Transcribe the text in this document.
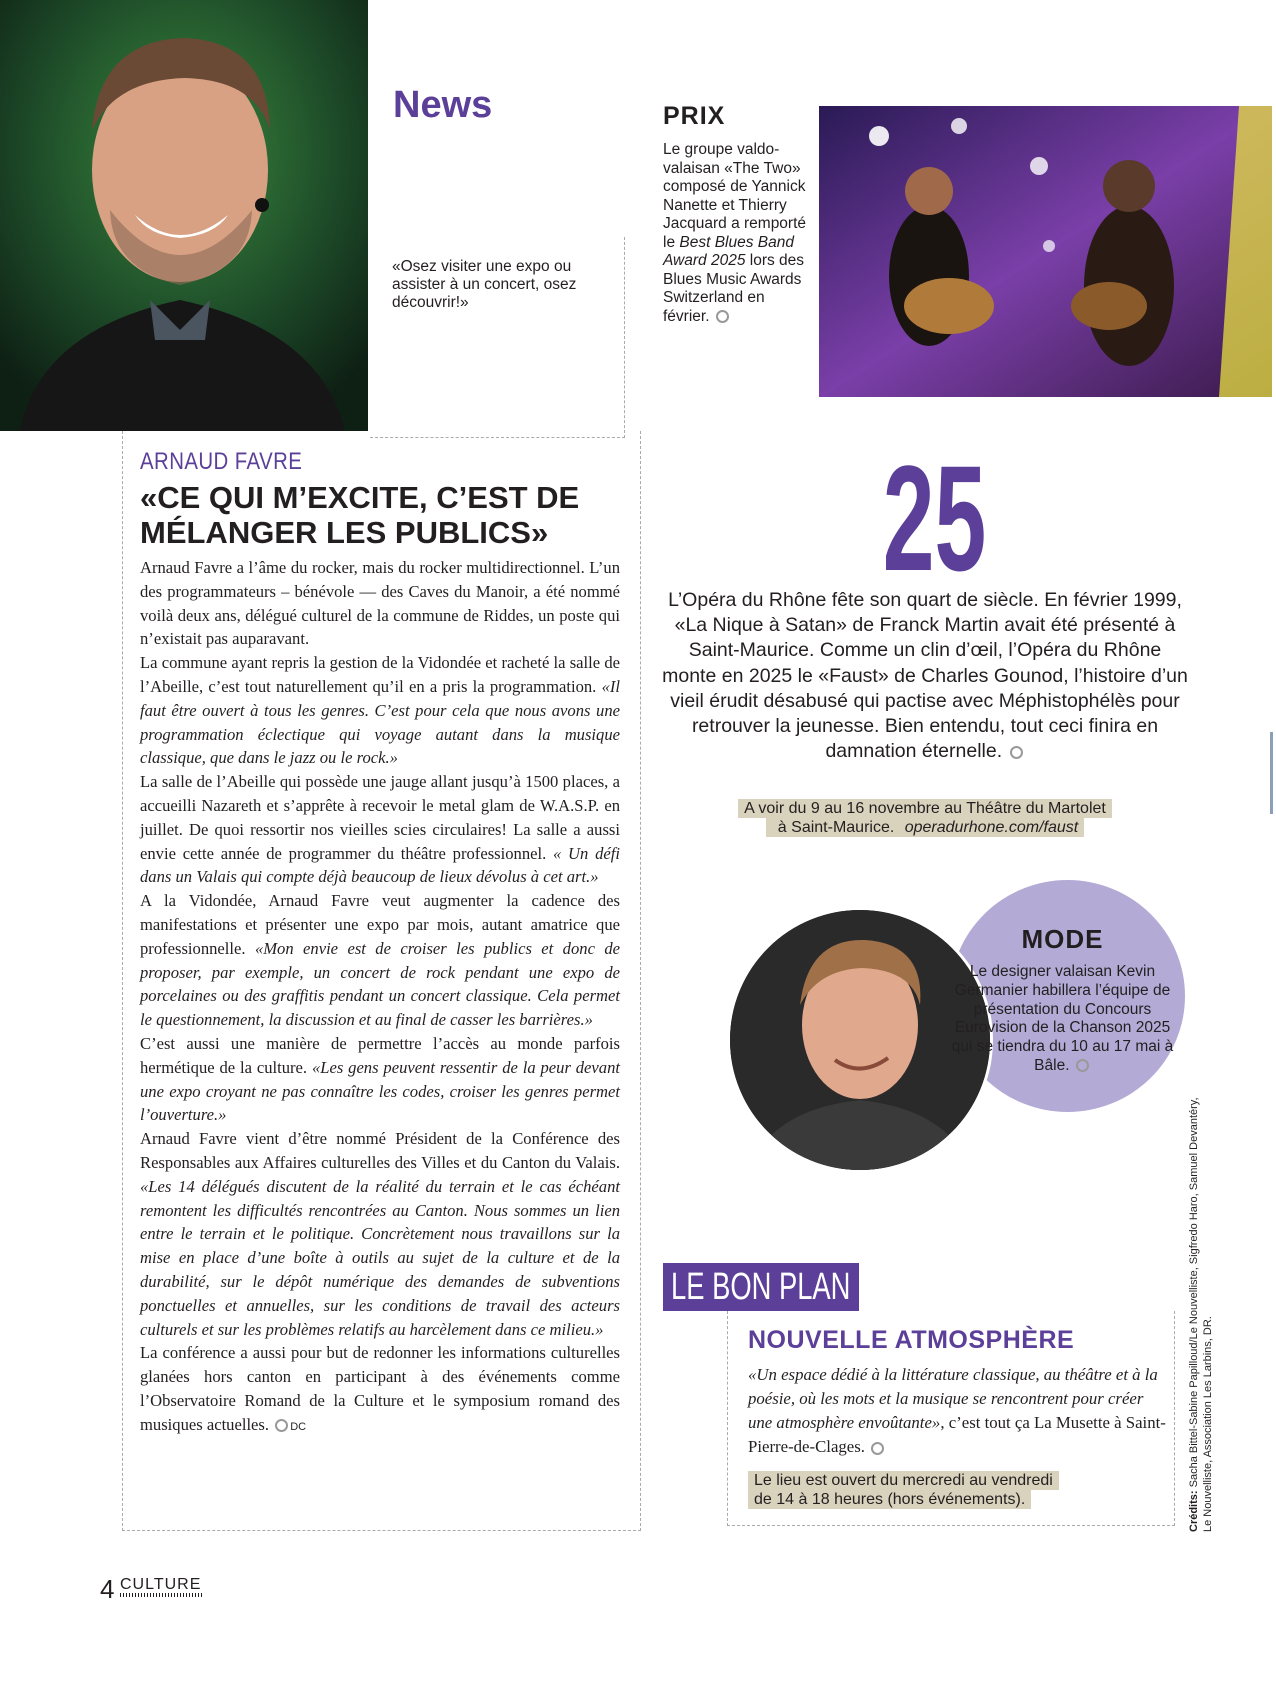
News

«Osez visiter une expo ou assister à un concert, osez découvrir!»

PRIX

Le groupe valdo-valaisan «The Two» composé de Yannick Nanette et Thierry Jacquard a remporté le Best Blues Band Award 2025 lors des Blues Music Awards Switzerland en février.

ARNAUD FAVRE

«CE QUI M’EXCITE, C’EST DE MÉLANGER LES PUBLICS»

Arnaud Favre a l’âme du rocker, mais du rocker multidirectionnel. L’un des programmateurs – bénévole — des Caves du Manoir, a été nommé voilà deux ans, délégué culturel de la commune de Riddes, un poste qui n’existait pas auparavant.

La commune ayant repris la gestion de la Vidondée et racheté la salle de l’Abeille, c’est tout naturellement qu’il en a pris la programmation. «Il faut être ouvert à tous les genres. C’est pour cela que nous avons une programmation éclectique qui voyage autant dans la musique classique, que dans le jazz ou le rock.»

La salle de l’Abeille qui possède une jauge allant jusqu’à 1500 places, a accueilli Nazareth et s’apprête à recevoir le metal glam de W.A.S.P. en juillet. De quoi ressortir nos vieilles scies circulaires! La salle a aussi envie cette année de programmer du théâtre professionnel. « Un défi dans un Valais qui compte déjà beaucoup de lieux dévolus à cet art.»

A la Vidondée, Arnaud Favre veut augmenter la cadence des manifestations et présenter une expo par mois, autant amatrice que professionnelle. «Mon envie est de croiser les publics et donc de proposer, par exemple, un concert de rock pendant une expo de porcelaines ou des graffitis pendant un concert classique. Cela permet le questionnement, la discussion et au final de casser les barrières.»

C’est aussi une manière de permettre l’accès au monde parfois hermétique de la culture. «Les gens peuvent ressentir de la peur devant une expo croyant ne pas connaître les codes, croiser les genres permet l’ouverture.»

Arnaud Favre vient d’être nommé Président de la Conférence des Responsables aux Affaires culturelles des Villes et du Canton du Valais. «Les 14 délégués discutent de la réalité du terrain et le cas échéant remontent les difficultés rencontrées au Canton. Nous sommes un lien entre le terrain et le politique. Concrètement nous travaillons sur la mise en place d’une boîte à outils au sujet de la culture et de la durabilité, sur le dépôt numérique des demandes de subventions ponctuelles et annuelles, sur les conditions de travail des acteurs culturels et sur les problèmes relatifs au harcèlement dans ce milieu.»

La conférence a aussi pour but de redonner les informations culturelles glanées hors canton en participant à des événements comme l’Observatoire Romand de la Culture et le symposium romand des musiques actuelles. DC

25

L’Opéra du Rhône fête son quart de siècle. En février 1999, «La Nique à Satan» de Franck Martin avait été présenté à Saint-Maurice. Comme un clin d’œil, l’Opéra du Rhône monte en 2025 le «Faust» de Charles Gounod, l’histoire d’un vieil érudit désabusé qui pactise avec Méphistophélès pour retrouver la jeunesse. Bien entendu, tout ceci finira en damnation éternelle.

A voir du 9 au 16 novembre au Théâtre du Martolet
à Saint-Maurice. operadurhone.com/faust

MODE

Le designer valaisan Kevin Germanier habillera l’équipe de présentation du Concours Eurovision de la Chanson 2025 qui se tiendra du 10 au 17 mai à Bâle.

LE BON PLAN

NOUVELLE ATMOSPHÈRE

«Un espace dédié à la littérature classique, au théâtre et à la poésie, où les mots et la musique se rencontrent pour créer une atmosphère envoûtante», c’est tout ça La Musette à Saint-Pierre-de-Clages.

Le lieu est ouvert du mercredi au vendredi
de 14 à 18 heures (hors événements).	Crédits: Sacha Bittel-Sabine Papilloud/Le Nouvelliste, Sigfredo Haro, Samuel Devantéry, Le Nouvelliste, Association Les Larbins, DR.

4 CULTURE
